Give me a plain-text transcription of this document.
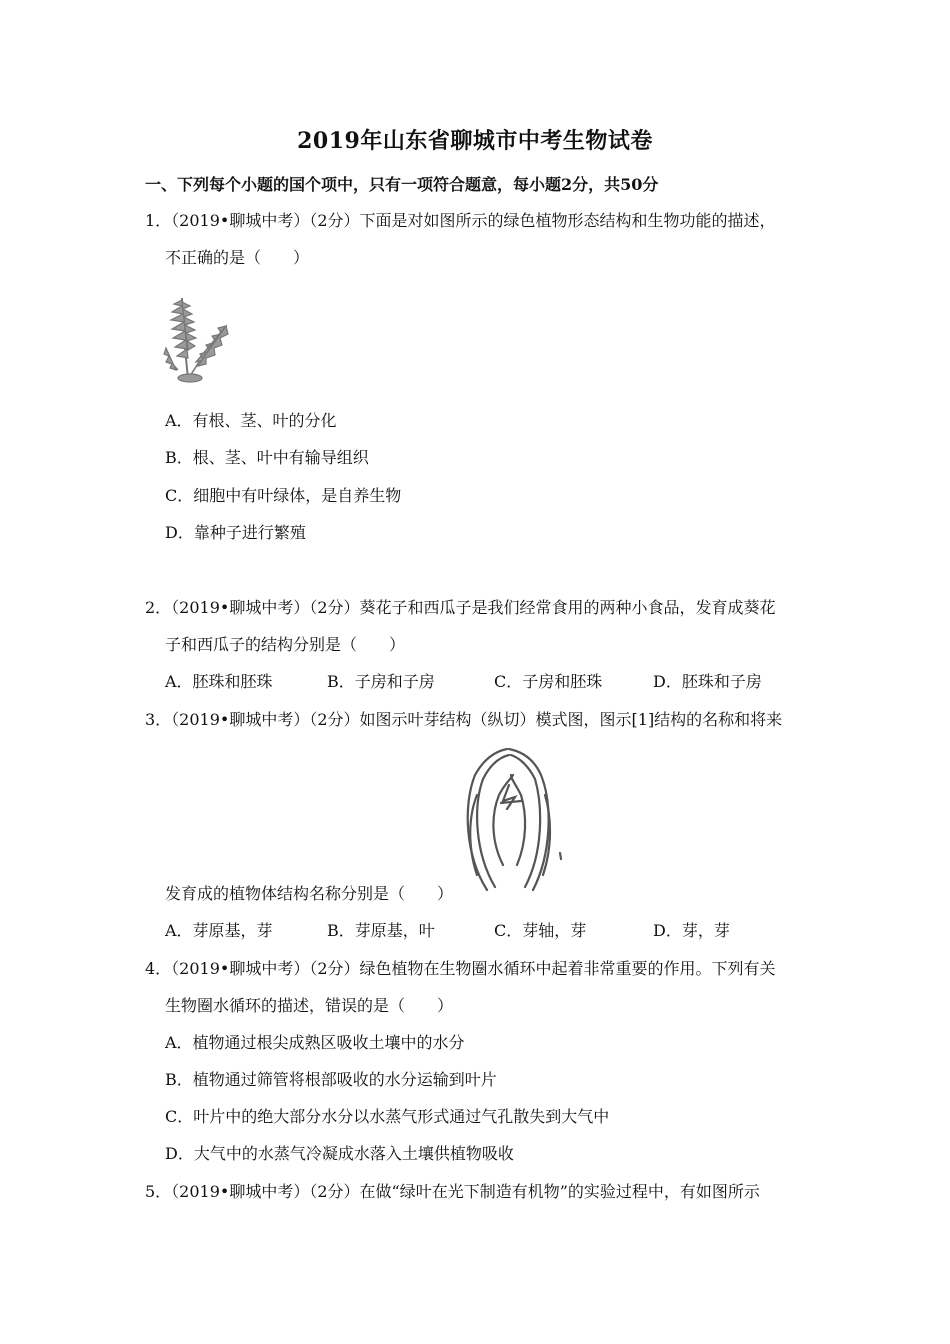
2019年山东省聊城市中考生物试卷
一、下列每个小题的国个项中，只有一项符合题意，每小题2分，共50分
1．（2019•聊城中考）（2分）下面是对如图所示的绿色植物形态结构和生物功能的描述，
不正确的是（　　）
A．有根、茎、叶的分化
B．根、茎、叶中有输导组织
C．细胞中有叶绿体，是自养生物
D．靠种子进行繁殖
2．（2019•聊城中考）（2分）葵花子和西瓜子是我们经常食用的两种小食品，发育成葵花
子和西瓜子的结构分别是（　　）
A．胚珠和胚珠	B．子房和子房	C．子房和胚珠	D．胚珠和子房
3．（2019•聊城中考）（2分）如图示叶芽结构（纵切）模式图，图示[1]结构的名称和将来
发育成的植物体结构名称分别是（　　）
A．芽原基，芽	B．芽原基，叶	C．芽轴，芽	D．芽，芽
4．（2019•聊城中考）（2分）绿色植物在生物圈水循环中起着非常重要的作用。下列有关
生物圈水循环的描述，错误的是（　　）
A．植物通过根尖成熟区吸收土壤中的水分
B．植物通过筛管将根部吸收的水分运输到叶片
C．叶片中的绝大部分水分以水蒸气形式通过气孔散失到大气中
D．大气中的水蒸气冷凝成水落入土壤供植物吸收
5．（2019•聊城中考）（2分）在做“绿叶在光下制造有机物”的实验过程中，有如图所示
